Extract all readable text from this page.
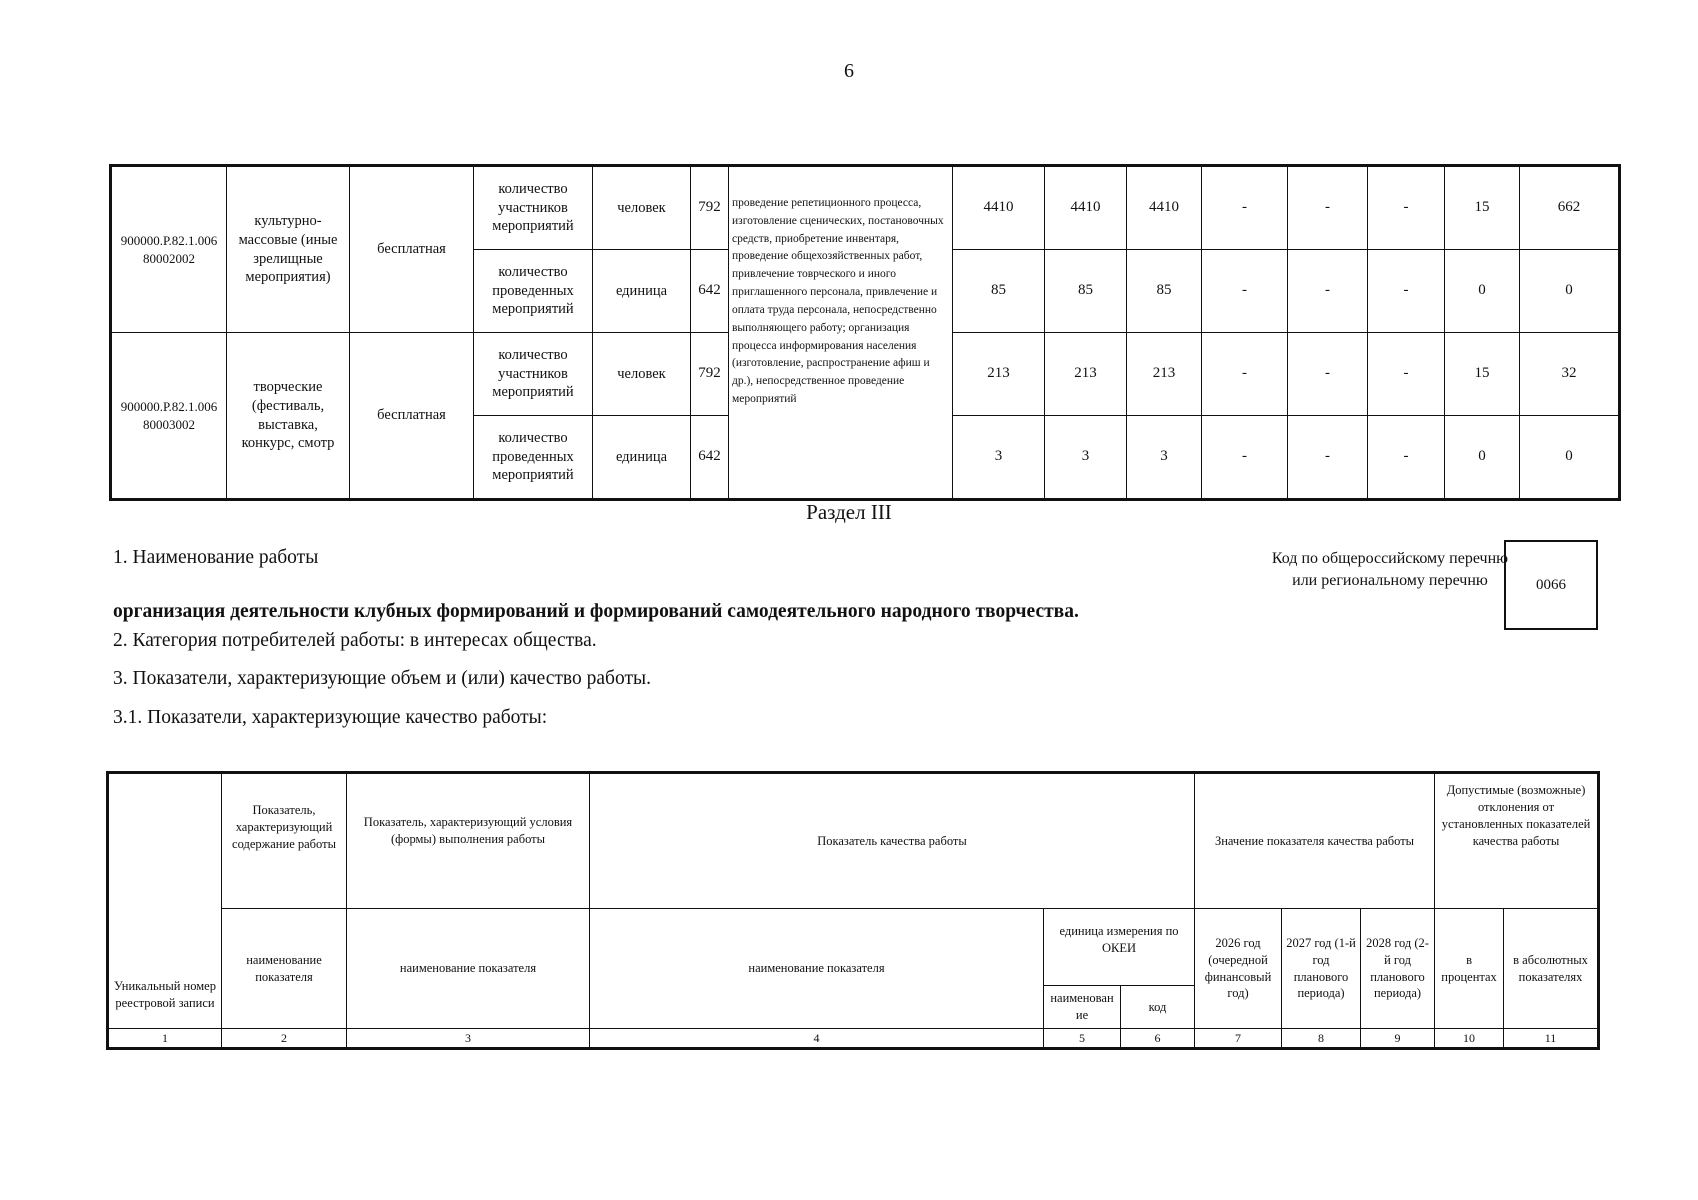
6
900000.Р.82.1.006 80002002	культурно-массовые (иные зрелищные мероприятия)	бесплатная	количество участников мероприятий	человек	792	проведение репетиционного процесса, изготовление сценических, постановочных средств, приобретение инвентаря, проведение общехозяйственных работ, привлечение товрческого и иного приглашенного персонала, привлечение и оплата труда персонала, непосредственно выполняющего работу; организация процесса информирования населения (изготовление, распространение афиш и др.), непосредственное проведение мероприятий	4410	4410	4410	-	-	-	15	662
			количество проведенных мероприятий	единица	642		85	85	85	-	-	-	0	0
900000.Р.82.1.006 80003002	творческие (фестиваль, выставка, конкурс, смотр	бесплатная	количество участников мероприятий	человек	792		213	213	213	-	-	-	15	32
			количество проведенных мероприятий	единица	642		3	3	3	-	-	-	0	0
Раздел III
1. Наименование работы
организация деятельности клубных формирований и формирований самодеятельного народного творчества.
2. Категория потребителей работы: в интересах общества.
3. Показатели, характеризующие объем и (или) качество работы.
3.1. Показатели, характеризующие качество работы:
Код по общероссийскому перечню или региональному перечню	0066
Уникальный номер реестровой записи	Показатель, характеризующий содержание работы	Показатель, характеризующий условия (формы) выполнения работы	Показатель качества работы			Значение показателя качества работы			Допустимые (возможные) отклонения от установленных показателей качества работы	
	наименование показателя	наименование показателя	наименование показателя	единица измерения по ОКЕИ		2026 год (очередной финансовый год)	2027 год (1-й год планового периода)	2028 год (2-й год планового периода)	в процентах	в абсолютных показателях
				наименован ие	код					
1	2	3	4	5	6	7	8	9	10	11
